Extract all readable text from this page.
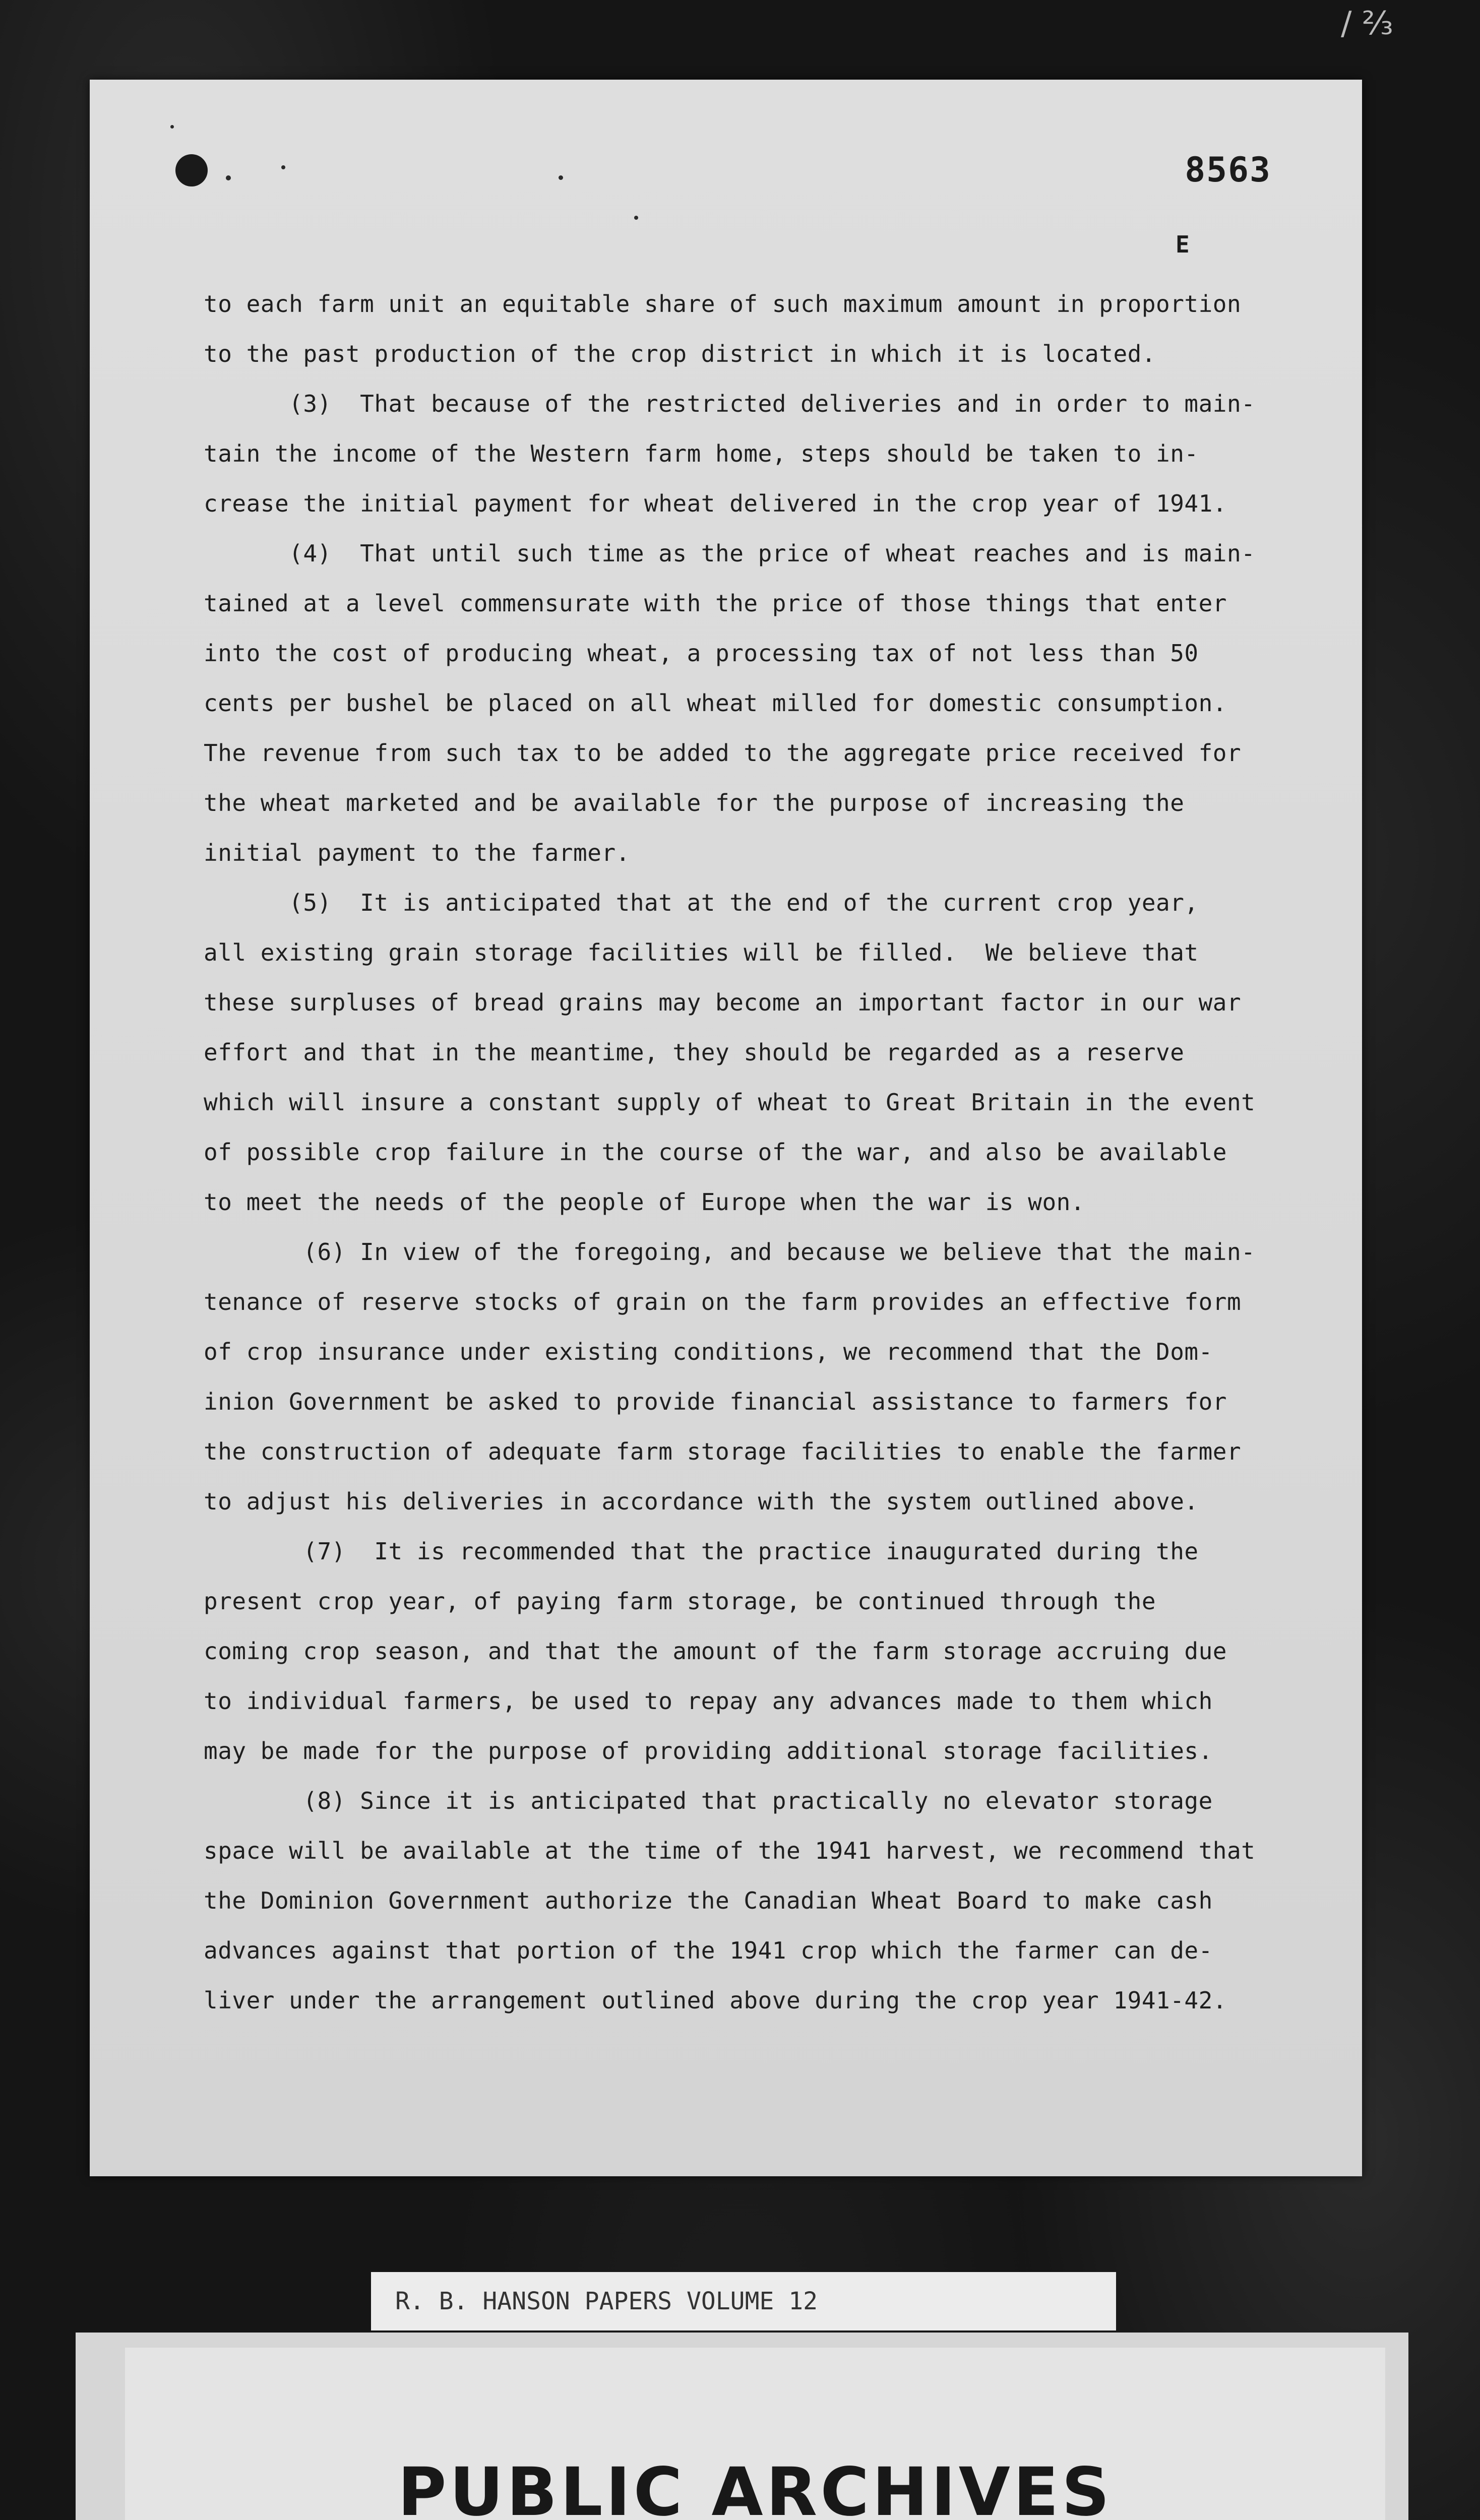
/ ⅔
8563
E
to each farm unit an equitable share of such maximum amount in proportion
to the past production of the crop district in which it is located.
(3)  That because of the restricted deliveries and in order to main-
tain the income of the Western farm home, steps should be taken to in-
crease the initial payment for wheat delivered in the crop year of 1941.
(4)  That until such time as the price of wheat reaches and is main-
tained at a level commensurate with the price of those things that enter
into the cost of producing wheat, a processing tax of not less than 50
cents per bushel be placed on all wheat milled for domestic consumption.
The revenue from such tax to be added to the aggregate price received for
the wheat marketed and be available for the purpose of increasing the
initial payment to the farmer.
(5)  It is anticipated that at the end of the current crop year,
all existing grain storage facilities will be filled.  We believe that
these surpluses of bread grains may become an important factor in our war
effort and that in the meantime, they should be regarded as a reserve
which will insure a constant supply of wheat to Great Britain in the event
of possible crop failure in the course of the war, and also be available
to meet the needs of the people of Europe when the war is won.
(6) In view of the foregoing, and because we believe that the main-
tenance of reserve stocks of grain on the farm provides an effective form
of crop insurance under existing conditions, we recommend that the Dom-
inion Government be asked to provide financial assistance to farmers for
the construction of adequate farm storage facilities to enable the farmer
to adjust his deliveries in accordance with the system outlined above.
(7)  It is recommended that the practice inaugurated during the
present crop year, of paying farm storage, be continued through the
coming crop season, and that the amount of the farm storage accruing due
to individual farmers, be used to repay any advances made to them which
may be made for the purpose of providing additional storage facilities.
(8) Since it is anticipated that practically no elevator storage
space will be available at the time of the 1941 harvest, we recommend that
the Dominion Government authorize the Canadian Wheat Board to make cash
advances against that portion of the 1941 crop which the farmer can de-
liver under the arrangement outlined above during the crop year 1941-42.
R. B. HANSON PAPERS VOLUME 12
PUBLIC ARCHIVES
